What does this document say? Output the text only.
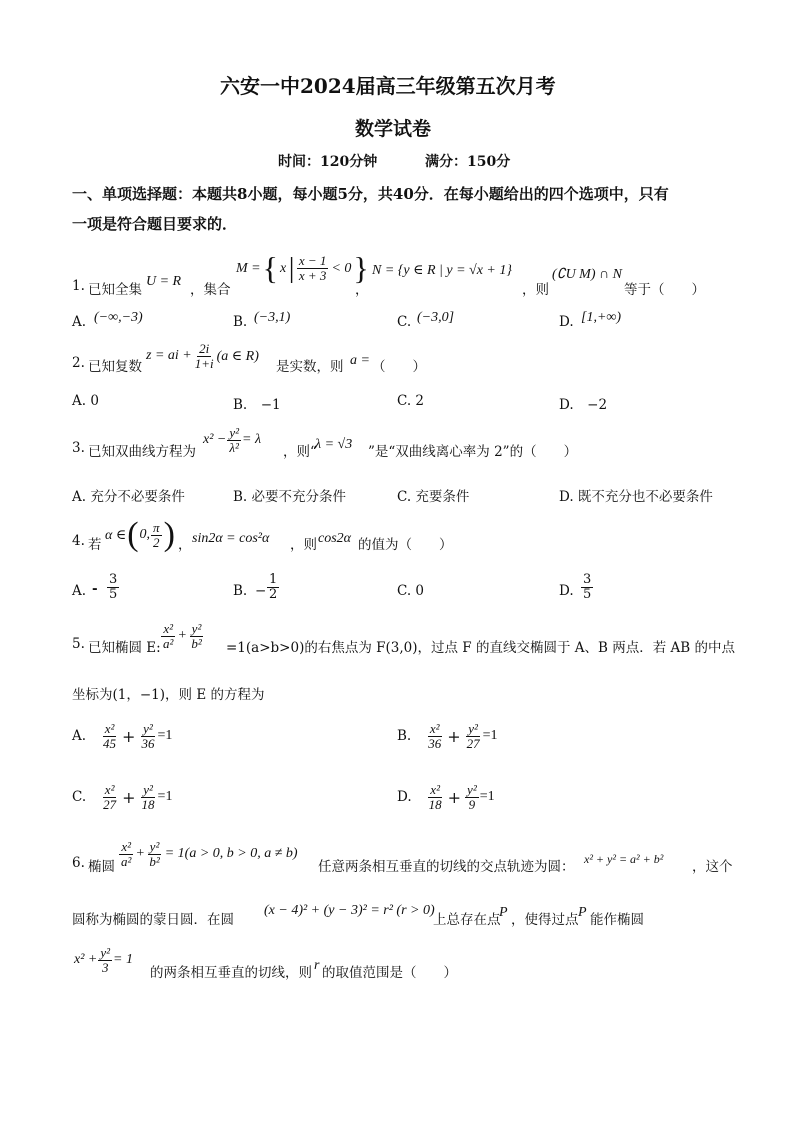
六安一中2024届高三年级第五次月考
数学试卷
时间：120分钟	满分：150分
一、单项选择题：本题共8小题，每小题5分，共40分．在每小题给出的四个选项中，只有
一项是符合题目要求的．
1. 已知全集
U = R
，集合
M = { x | $\frac{x - 1}{x + 3} < 0$ }
，
N = {y ∈ R | y = √x + 1}
，则
(∁U M) ∩ N
等于（　　）
A. (−∞,−3)	B. (−3,1)	C. (−3,0]	D. [1,+∞)
2. 已知复数
z = ai + $\frac{2i}{1+i} (a$ ∈ R)
是实数，则 a = （　　）
A. 0	B.　−1	C. 2	D.　−2
3. 已知双曲线方程为
$x^2 - \frac{\text{y²}}{\text{λ²}} = \lambda$
，则“
λ = √3 ”是“双曲线离心率为 2”的（　　）
A. 充分不必要条件	B. 必要不充分条件	C. 充要条件	D. 既不充分也不必要条件
4. 若
α ∈ ( 0, $\frac{\pi}{2}$ ) ， sin2α = cos²α ，则 cos2α 的值为（　　）
A. - $\frac{3}{5}$	B. − $\frac{1}{2}$	C. 0	D. $\frac{3}{5}$
5. 已知椭圆 E: $\frac{\text{x²}}{\text{a²}} + \frac{\text{y²}}{\text{b²}} =1(a>b>0)$的右焦点为 F(3,0)，过点 F 的直线交椭圆于 A、B 两点．若 AB 的中点
坐标为(1，−1)，则 E 的方程为
A. $\frac{\text{x²}}{45} + \frac{\text{y²}}{36} =1$	B. $\frac{\text{x²}}{36} + \frac{\text{y²}}{27} =1$
C. $\frac{\text{x²}}{27} + \frac{\text{y²}}{18} =1$	D. $\frac{\text{x²}}{18} + \frac{\text{y²}}{9} =1$
6. 椭圆 $\frac{\text{x²}}{\text{a²}} + \frac{\text{y²}}{\text{b²}} = 1(a > 0$, b > 0, a ≠ b)
任意两条相互垂直的切线的交点轨迹为圆： x² + y² = a² + b² ，这个
圆称为椭圆的蒙日圆．在圆
(x − 4)² + (y − 3)² = r² (r > 0)
上总存在点
P ，使得过点 P 能作椭圆
$x^2 + \frac{\text{y²}}{3} = 1$
的两条相互垂直的切线，则 r 的取值范围是（　　）
